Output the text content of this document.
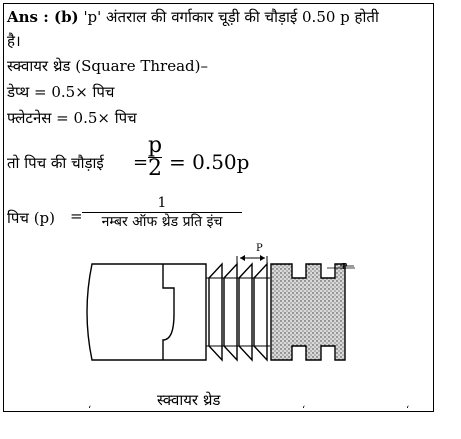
Ans : (b) 'p' अंतराल की वर्गाकार चूड़ी की चौड़ाई 0.50 p होती
है।
स्क्वायर थ्रेड (Square Thread)–
डेप्थ = 0.5× पिच
फ्लेटनेस = 0.5× पिच
तो पिच की चौड़ाई =
p
2 = 0.50p
पिच (p) =
1
नम्बर ऑफ थ्रेड प्रति इंच
P
P
स्क्वायर थ्रेड
ʻ	ʻ	ʻ
